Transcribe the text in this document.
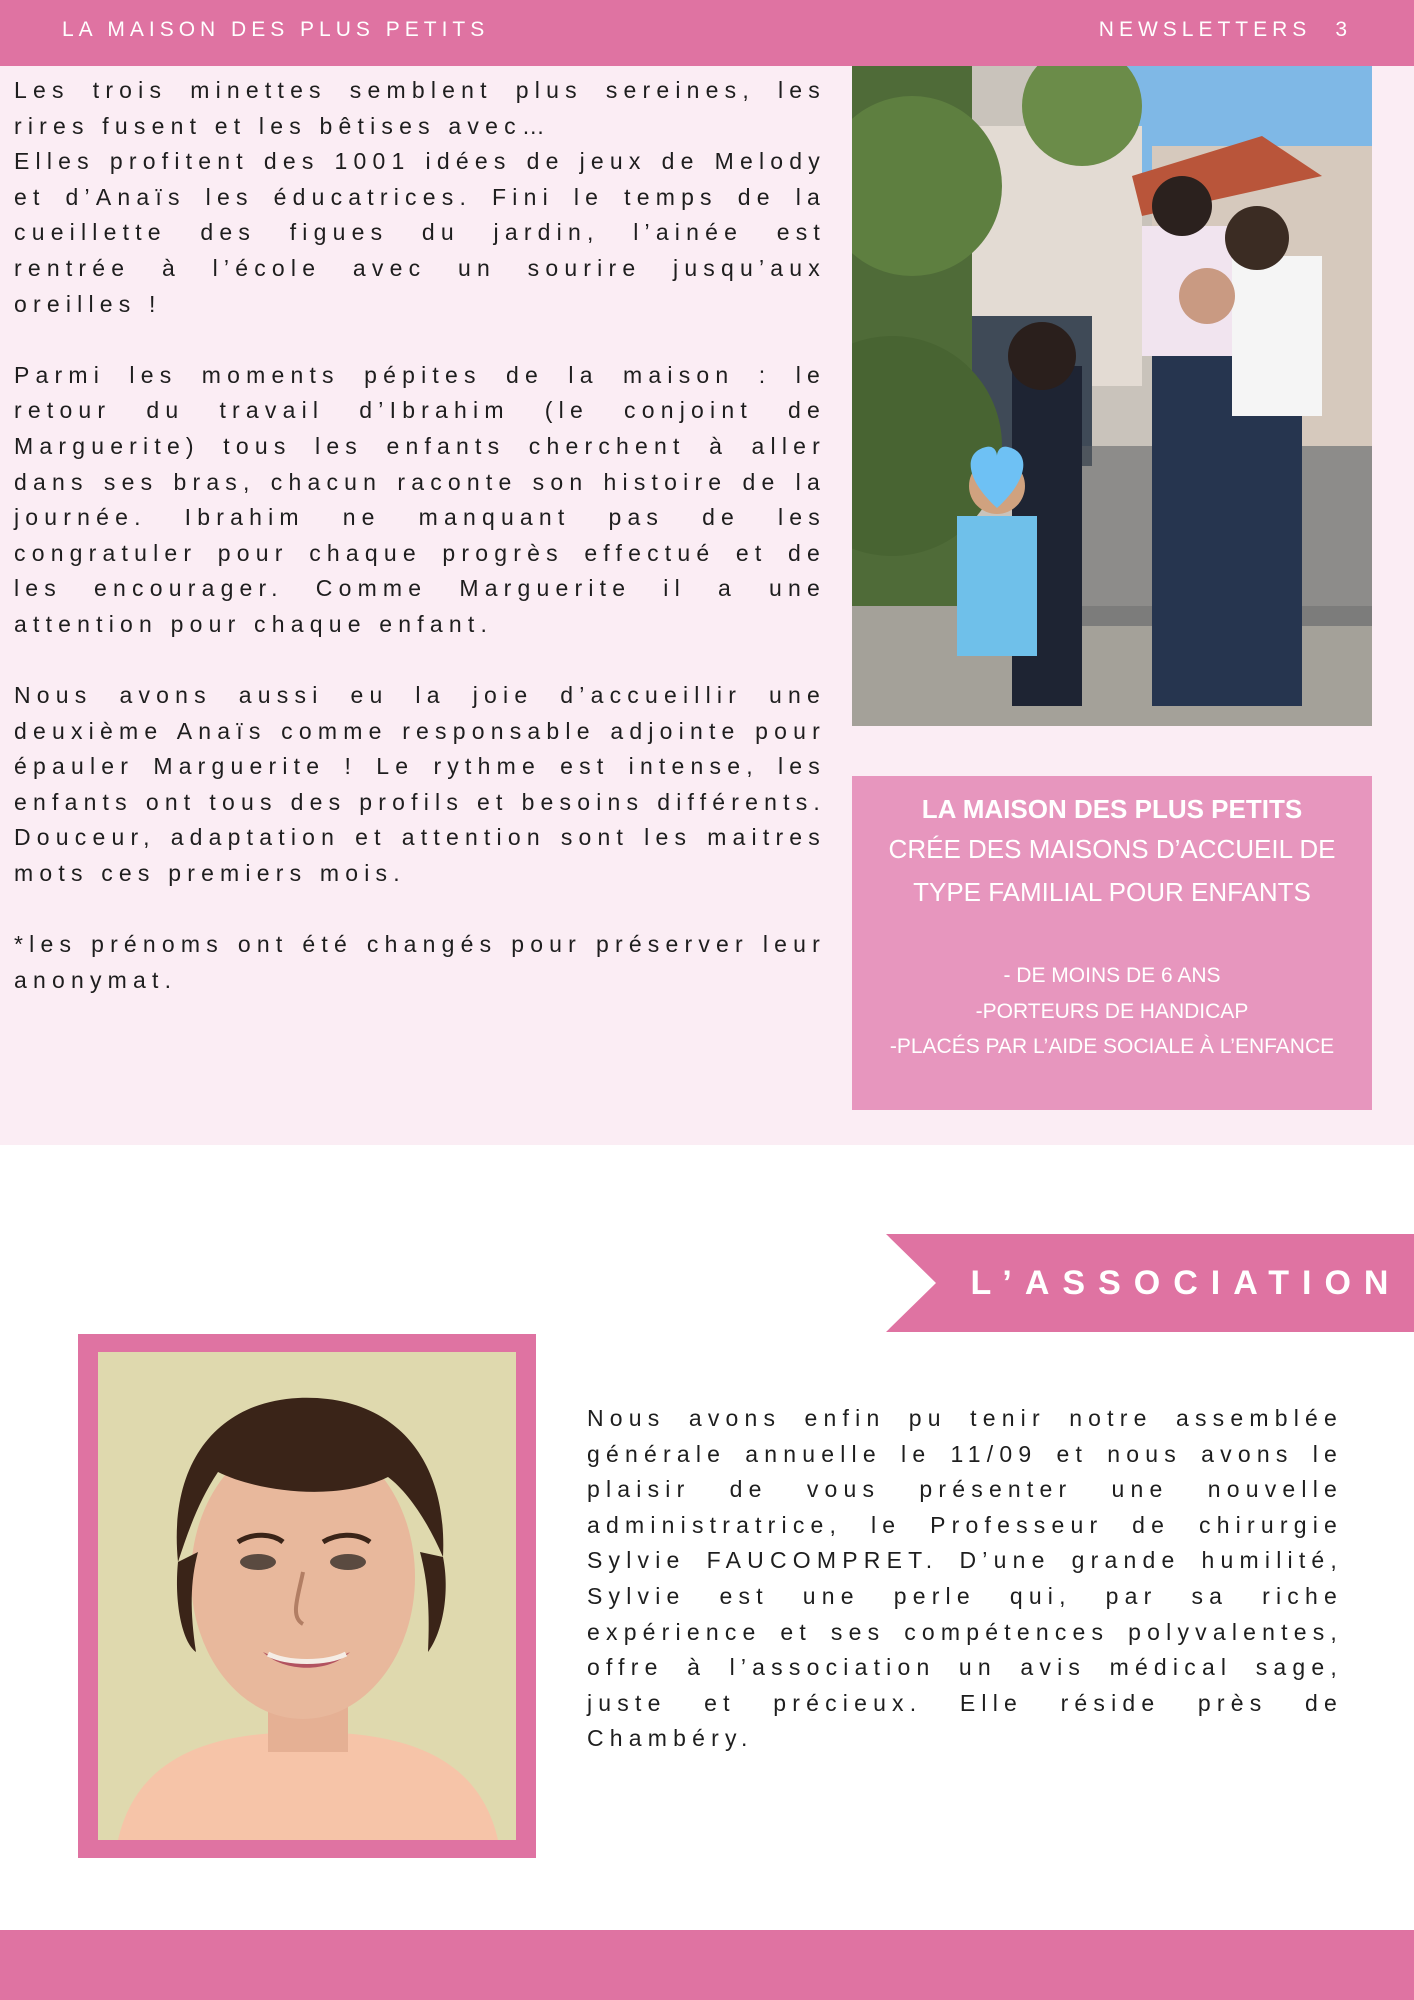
LA MAISON DES PLUS PETITS	NEWSLETTERS 3

Les trois minettes semblent plus sereines, les rires fusent et les bêtises avec…

Elles profitent des 1001 idées de jeux de Melody et d’Anaïs les éducatrices. Fini le temps de la cueillette des figues du jardin, l’ainée est rentrée à l’école avec un sourire jusqu’aux oreilles !

Parmi les moments pépites de la maison : le retour du travail d’Ibrahim (le conjoint de Marguerite) tous les enfants cherchent à aller dans ses bras, chacun raconte son histoire de la journée. Ibrahim ne manquant pas de les congratuler pour chaque progrès effectué et de les encourager. Comme Marguerite il a une attention pour chaque enfant.

Nous avons aussi eu la joie d’accueillir une deuxième Anaïs comme responsable adjointe pour épauler Marguerite ! Le rythme est intense, les enfants ont tous des profils et besoins différents. Douceur, adaptation et attention sont les maitres mots ces premiers mois.

*les prénoms ont été changés pour préserver leur anonymat.

LA MAISON DES PLUS PETITS
CRÉE DES MAISONS D’ACCUEIL DE TYPE FAMILIAL POUR ENFANTS
- DE MOINS DE 6 ANS
-PORTEURS DE HANDICAP
-PLACÉS PAR L’AIDE SOCIALE À L’ENFANCE
L’ASSOCIATION
Nous avons enfin pu tenir notre assemblée générale annuelle le 11/09 et nous avons le plaisir de vous présenter une nouvelle administratrice, le Professeur de chirurgie Sylvie FAUCOMPRET. D’une grande humilité, Sylvie est une perle qui, par sa riche expérience et ses compétences polyvalentes, offre à l’association un avis médical sage, juste et précieux. Elle réside près de Chambéry.
